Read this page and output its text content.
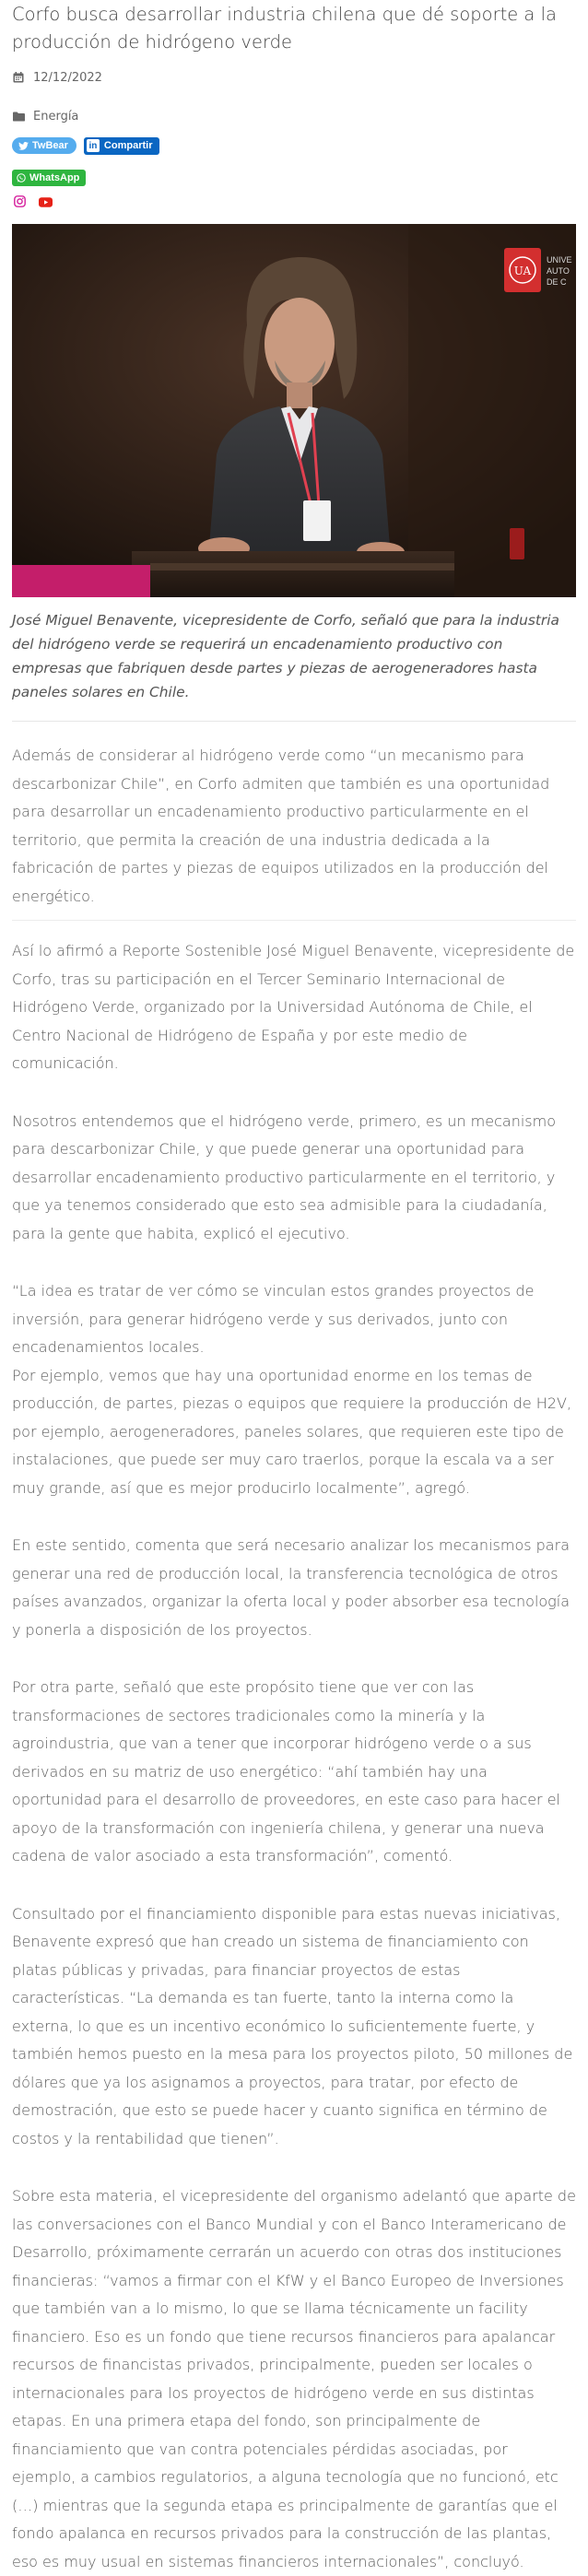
Corfo busca desarrollar industria chilena que dé soporte a la producción de hidrógeno verde
12/12/2022
Energía
TwBear in Compartir
WhatsApp
UA
UNIVE
AUTO
DE C

José Miguel Benavente, vicepresidente de Corfo, señaló que para la industria del hidrógeno verde se requerirá un encadenamiento productivo con empresas que fabriquen desde partes y piezas de aerogeneradores hasta paneles solares en Chile.

Además de considerar al hidrógeno verde como “un mecanismo para descarbonizar Chile”, en Corfo admiten que también es una oportunidad para desarrollar un encadenamiento productivo particularmente en el territorio, que permita la creación de una industria dedicada a la fabricación de partes y piezas de equipos utilizados en la producción del energético.

Así lo afirmó a Reporte Sostenible José Miguel Benavente, vicepresidente de Corfo, tras su participación en el Tercer Seminario Internacional de Hidrógeno Verde, organizado por la Universidad Autónoma de Chile, el Centro Nacional de Hidrógeno de España y por este medio de comunicación.

Nosotros entendemos que el hidrógeno verde, primero, es un mecanismo para descarbonizar Chile, y que puede generar una oportunidad para desarrollar encadenamiento productivo particularmente en el territorio, y que ya tenemos considerado que esto sea admisible para la ciudadanía, para la gente que habita, explicó el ejecutivo.

“La idea es tratar de ver cómo se vinculan estos grandes proyectos de inversión, para generar hidrógeno verde y sus derivados, junto con encadenamientos locales.

Por ejemplo, vemos que hay una oportunidad enorme en los temas de producción, de partes, piezas o equipos que requiere la producción de H2V, por ejemplo, aerogeneradores, paneles solares, que requieren este tipo de instalaciones, que puede ser muy caro traerlos, porque la escala va a ser muy grande, así que es mejor producirlo localmente”, agregó.

En este sentido, comenta que será necesario analizar los mecanismos para generar una red de producción local, la transferencia tecnológica de otros países avanzados, organizar la oferta local y poder absorber esa tecnología y ponerla a disposición de los proyectos.

Por otra parte, señaló que este propósito tiene que ver con las transformaciones de sectores tradicionales como la minería y la agroindustria, que van a tener que incorporar hidrógeno verde o a sus derivados en su matriz de uso energético: “ahí también hay una oportunidad para el desarrollo de proveedores, en este caso para hacer el apoyo de la transformación con ingeniería chilena, y generar una nueva cadena de valor asociado a esta transformación”, comentó.

Consultado por el financiamiento disponible para estas nuevas iniciativas, Benavente expresó que han creado un sistema de financiamiento con platas públicas y privadas, para financiar proyectos de estas características. “La demanda es tan fuerte, tanto la interna como la externa, lo que es un incentivo económico lo suficientemente fuerte, y también hemos puesto en la mesa para los proyectos piloto, 50 millones de dólares que ya los asignamos a proyectos, para tratar, por efecto de demostración, que esto se puede hacer y cuanto significa en término de costos y la rentabilidad que tienen”.

Sobre esta materia, el vicepresidente del organismo adelantó que aparte de las conversaciones con el Banco Mundial y con el Banco Interamericano de Desarrollo, próximamente cerrarán un acuerdo con otras dos instituciones financieras: “vamos a firmar con el KfW y el Banco Europeo de Inversiones que también van a lo mismo, lo que se llama técnicamente un facility financiero. Eso es un fondo que tiene recursos financieros para apalancar recursos de financistas privados, principalmente, pueden ser locales o internacionales para los proyectos de hidrógeno verde en sus distintas etapas. En una primera etapa del fondo, son principalmente de financiamiento que van contra potenciales pérdidas asociadas, por ejemplo, a cambios regulatorios, a alguna tecnología que no funcionó, etc (…) mientras que la segunda etapa es principalmente de garantías que el fondo apalanca en recursos privados para la construcción de las plantas, eso es muy usual en sistemas financieros internacionales”, concluyó.
